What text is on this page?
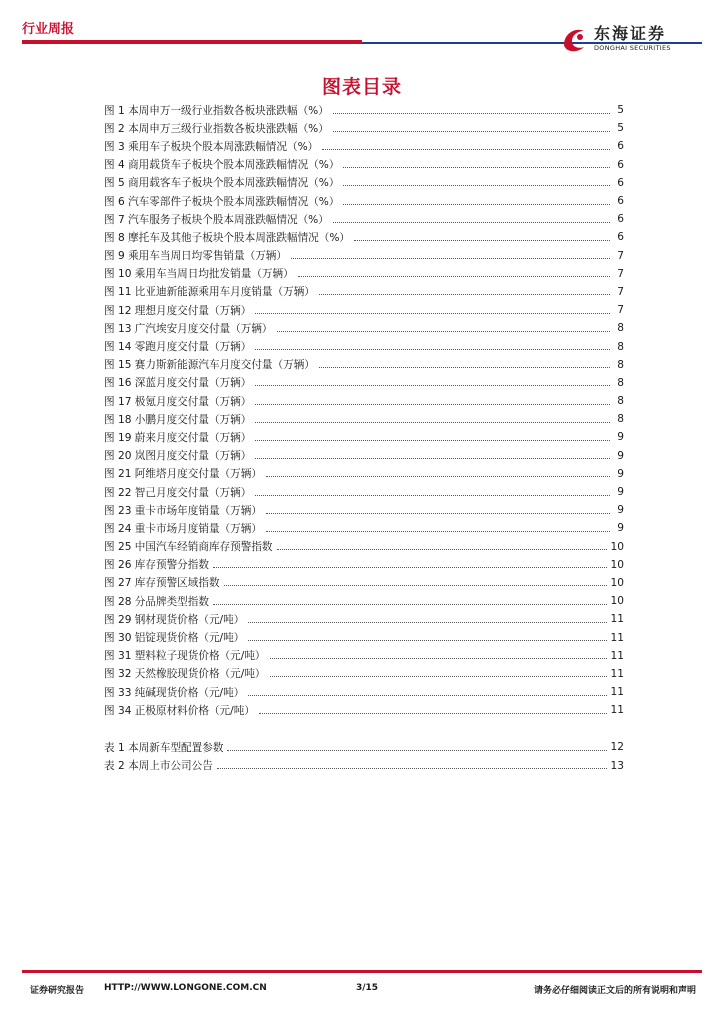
行业周报	东海证券
DONGHAI SECURITIES
图表目录
图 1 本周申万一级行业指数各板块涨跌幅（%）	5
图 2 本周申万三级行业指数各板块涨跌幅（%）	5
图 3 乘用车子板块个股本周涨跌幅情况（%）	6
图 4 商用载货车子板块个股本周涨跌幅情况（%）	6
图 5 商用载客车子板块个股本周涨跌幅情况（%）	6
图 6 汽车零部件子板块个股本周涨跌幅情况（%）	6
图 7 汽车服务子板块个股本周涨跌幅情况（%）	6
图 8 摩托车及其他子板块个股本周涨跌幅情况（%）	6
图 9 乘用车当周日均零售销量（万辆）	7
图 10 乘用车当周日均批发销量（万辆）	7
图 11 比亚迪新能源乘用车月度销量（万辆）	7
图 12 理想月度交付量（万辆）	7
图 13 广汽埃安月度交付量（万辆）	8
图 14 零跑月度交付量（万辆）	8
图 15 赛力斯新能源汽车月度交付量（万辆）	8
图 16 深蓝月度交付量（万辆）	8
图 17 极氪月度交付量（万辆）	8
图 18 小鹏月度交付量（万辆）	8
图 19 蔚来月度交付量（万辆）	9
图 20 岚图月度交付量（万辆）	9
图 21 阿维塔月度交付量（万辆）	9
图 22 智己月度交付量（万辆）	9
图 23 重卡市场年度销量（万辆）	9
图 24 重卡市场月度销量（万辆）	9
图 25 中国汽车经销商库存预警指数	10
图 26 库存预警分指数	10
图 27 库存预警区域指数	10
图 28 分品牌类型指数	10
图 29 钢材现货价格（元/吨）	11
图 30 铝锭现货价格（元/吨）	11
图 31 塑料粒子现货价格（元/吨）	11
图 32 天然橡胶现货价格（元/吨）	11
图 33 纯碱现货价格（元/吨）	11
图 34 正极原材料价格（元/吨）	11
表 1 本周新车型配置参数	12
表 2 本周上市公司公告	13
证券研究报告 HTTP://WWW.LONGONE.COM.CN	3/15	请务必仔细阅读正文后的所有说明和声明
